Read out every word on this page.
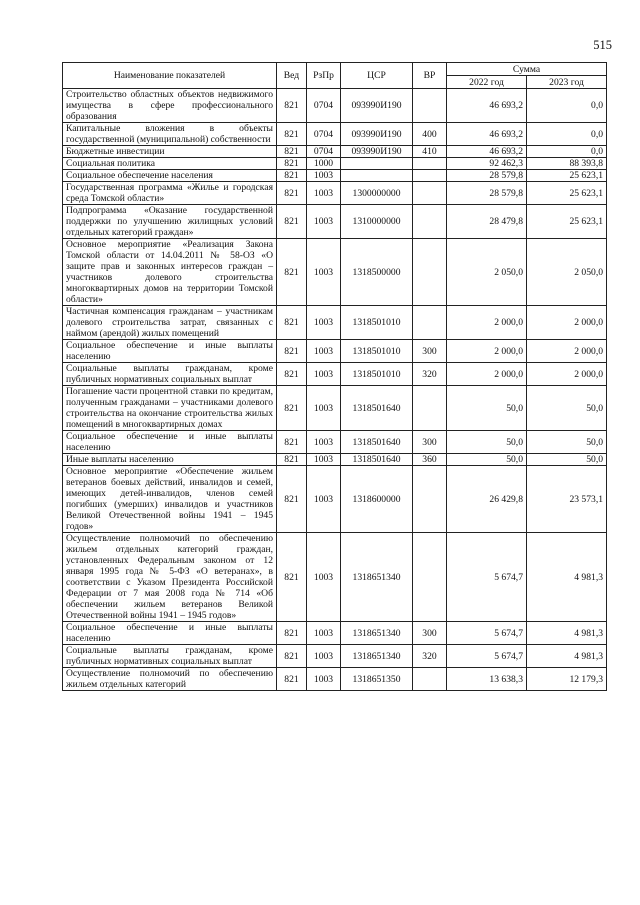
515
Наименование показателей	Вед	РзПр	ЦСР	ВР	Сумма	
					2022 год	2023 год
Строительство областных объектов недвижимого имущества в сфере профессионального образования	821	0704	093990И190		46 693,2	0,0
Капитальные вложения в объекты государственной (муниципальной) собственности	821	0704	093990И190	400	46 693,2	0,0
Бюджетные инвестиции	821	0704	093990И190	410	46 693,2	0,0
Социальная политика	821	1000			92 462,3	88 393,8
Социальное обеспечение населения	821	1003			28 579,8	25 623,1
Государственная программа «Жилье и городская среда Томской области»	821	1003	1300000000		28 579,8	25 623,1
Подпрограмма «Оказание государственной поддержки по улучшению жилищных условий отдельных категорий граждан»	821	1003	1310000000		28 479,8	25 623,1
Основное мероприятие «Реализация Закона Томской области от 14.04.2011 № 58-ОЗ «О защите прав и законных интересов граждан – участников долевого строительства многоквартирных домов на территории Томской области»	821	1003	1318500000		2 050,0	2 050,0
Частичная компенсация гражданам – участникам долевого строительства затрат, связанных с наймом (арендой) жилых помещений	821	1003	1318501010		2 000,0	2 000,0
Социальное обеспечение и иные выплаты населению	821	1003	1318501010	300	2 000,0	2 000,0
Социальные выплаты гражданам, кроме публичных нормативных социальных выплат	821	1003	1318501010	320	2 000,0	2 000,0
Погашение части процентной ставки по кредитам, полученным гражданами – участниками долевого строительства на окончание строительства жилых помещений в многоквартирных домах	821	1003	1318501640		50,0	50,0
Социальное обеспечение и иные выплаты населению	821	1003	1318501640	300	50,0	50,0
Иные выплаты населению	821	1003	1318501640	360	50,0	50,0
Основное мероприятие «Обеспечение жильем ветеранов боевых действий, инвалидов и семей, имеющих детей-инвалидов, членов семей погибших (умерших) инвалидов и участников Великой Отечественной войны 1941 – 1945 годов»	821	1003	1318600000		26 429,8	23 573,1
Осуществление полномочий по обеспечению жильем отдельных категорий граждан, установленных Федеральным законом от 12 января 1995 года № 5-ФЗ «О ветеранах», в соответствии с Указом Президента Российской Федерации от 7 мая 2008 года № 714 «Об обеспечении жильем ветеранов Великой Отечественной войны 1941 – 1945 годов»	821	1003	1318651340		5 674,7	4 981,3
Социальное обеспечение и иные выплаты населению	821	1003	1318651340	300	5 674,7	4 981,3
Социальные выплаты гражданам, кроме публичных нормативных социальных выплат	821	1003	1318651340	320	5 674,7	4 981,3
Осуществление полномочий по обеспечению жильем отдельных категорий	821	1003	1318651350		13 638,3	12 179,3
